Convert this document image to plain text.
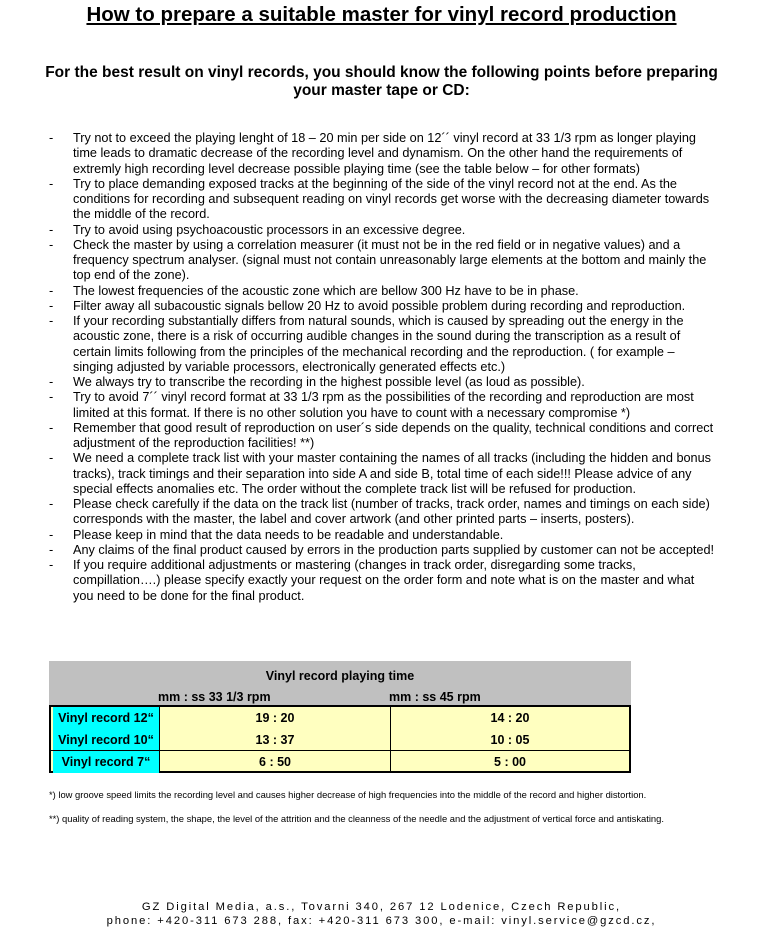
How to prepare a suitable master for vinyl record production
For the best result on vinyl records, you should know the following points before preparing your master tape or CD:
- Try not to exceed the playing lenght of 18 – 20 min per side on 12´´ vinyl record at 33 1/3 rpm as longer playing time leads to dramatic decrease of the recording level and dynamism. On the other hand the requirements of extremly high recording level decrease possible playing time (see the table below – for other formats)
- Try to place demanding exposed tracks at the beginning of the side of the vinyl record not at the end. As the conditions for recording and subsequent reading on vinyl records get worse with the decreasing diameter towards the middle of the record.
- Try to avoid using psychoacoustic processors in an excessive degree.
- Check the master by using a correlation measurer (it must not be in the red field or in negative values) and a frequency spectrum analyser. (signal must not contain unreasonably large elements at the bottom and mainly the top end of the zone).
- The lowest frequencies of the acoustic zone which are bellow 300 Hz have to be in phase.
- Filter away all subacoustic signals bellow 20 Hz to avoid possible problem during recording and reproduction.
- If your recording substantially differs from natural sounds, which is caused by spreading out the energy in the acoustic zone, there is a risk of occurring audible changes in the sound during the transcription as a result of certain limits following from the principles of the mechanical recording and the reproduction. ( for example – singing adjusted by variable processors, electronically generated effects etc.)
- We always try to transcribe the recording in the highest possible level (as loud as possible).
- Try to avoid 7´´ vinyl record format at 33 1/3 rpm as the possibilities of the recording and reproduction are most limited at this format. If there is no other solution you have to count with a necessary compromise *)
- Remember that good result of reproduction on user´s side depends on the quality, technical conditions and correct adjustment of the reproduction facilities! **)
- We need a complete track list with your master containing the names of all tracks (including the hidden and bonus tracks), track timings and their separation into side A and side B, total time of each side!!! Please advice of any special effects anomalies etc. The order without the complete track list will be refused for production.
- Please check carefully if the data on the track list (number of tracks, track order, names and timings on each side) corresponds with the master, the label and cover artwork (and other printed parts – inserts, posters).
- Please keep in mind that the data needs to be readable and understandable.
- Any claims of the final product caused by errors in the production parts supplied by customer can not be accepted!
- If you require additional adjustments or mastering (changes in track order, disregarding some tracks, compillation….) please specify exactly your request on the order form and note what is on the master and what you need to be done for the final product.
Vinyl record playing time
mm : ss 33 1/3 rpm	mm : ss 45 rpm
Vinyl record 12“	19 : 20	14 : 20
Vinyl record 10“	13 : 37	10 : 05
Vinyl record 7“	6 : 50	5 : 00

*) low groove speed limits the recording level and causes higher decrease of high frequencies into the middle of the record and higher distortion.

**) quality of reading system, the shape, the level of the attrition and the cleanness of the needle and the adjustment of vertical force and antiskating.

GZ Digital Media, a.s., Tovarni 340, 267 12 Lodenice, Czech Republic,
phone: +420-311 673 288, fax: +420-311 673 300, e-mail: vinyl.service@gzcd.cz,
